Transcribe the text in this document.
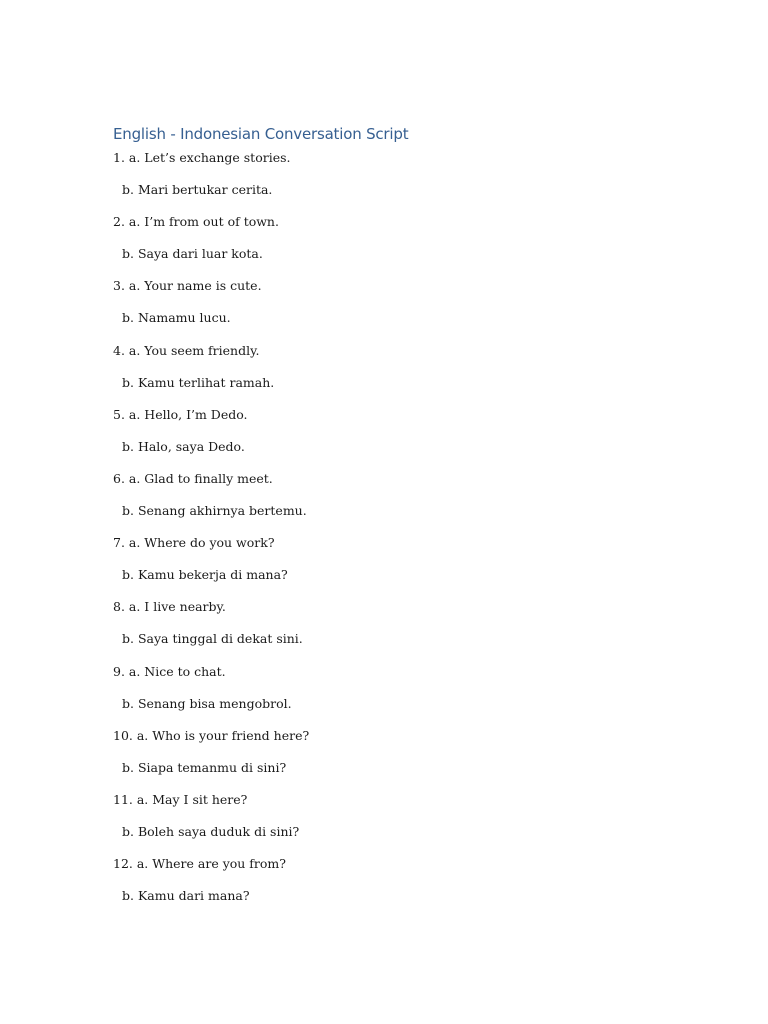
English - Indonesian Conversation Script
1. a. Let’s exchange stories.
b. Mari bertukar cerita.
2. a. I’m from out of town.
b. Saya dari luar kota.
3. a. Your name is cute.
b. Namamu lucu.
4. a. You seem friendly.
b. Kamu terlihat ramah.
5. a. Hello, I’m Dedo.
b. Halo, saya Dedo.
6. a. Glad to finally meet.
b. Senang akhirnya bertemu.
7. a. Where do you work?
b. Kamu bekerja di mana?
8. a. I live nearby.
b. Saya tinggal di dekat sini.
9. a. Nice to chat.
b. Senang bisa mengobrol.
10. a. Who is your friend here?
b. Siapa temanmu di sini?
11. a. May I sit here?
b. Boleh saya duduk di sini?
12. a. Where are you from?
b. Kamu dari mana?
